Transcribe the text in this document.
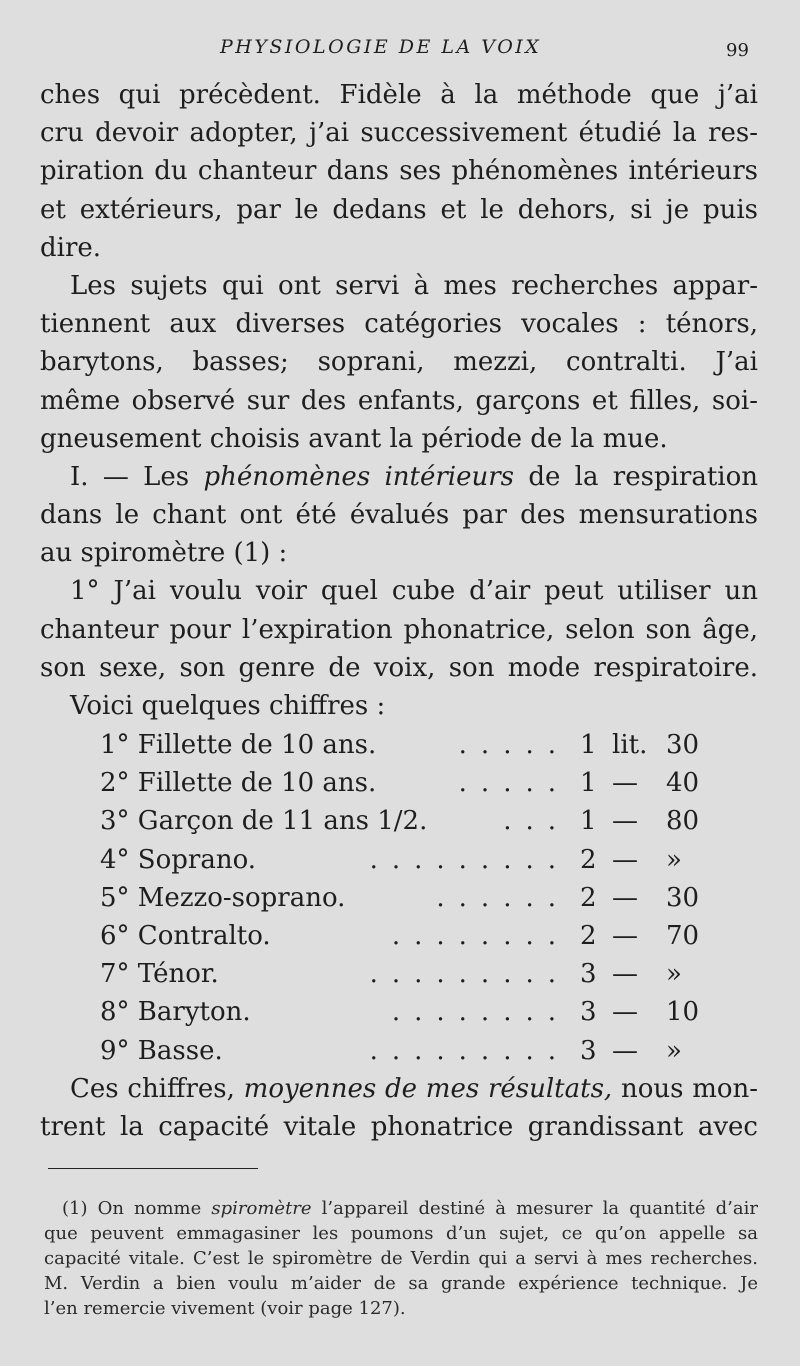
PHYSIOLOGIE DE LA VOIX	99
ches qui précèdent. Fidèle à la méthode que j’ai
cru devoir adopter, j’ai successivement étudié la res-
piration du chanteur dans ses phénomènes intérieurs
et extérieurs, par le dedans et le dehors, si je puis
dire.
Les sujets qui ont servi à mes recherches appar-
tiennent aux diverses catégories vocales : ténors,
barytons, basses; soprani, mezzi, contralti. J’ai
même observé sur des enfants, garçons et filles, soi-
gneusement choisis avant la période de la mue.
I. — Les phénomènes intérieurs de la respiration
dans le chant ont été évalués par des mensurations
au spiromètre (1) :
1° J’ai voulu voir quel cube d’air peut utiliser un
chanteur pour l’expiration phonatrice, selon son âge,
son sexe, son genre de voix, son mode respiratoire.
Voici quelques chiffres :
1° Fillette de 10 ans.	..... 1 lit. 30
2° Fillette de 10 ans.	..... 1 — 40
3° Garçon de 11 ans 1/2.	... 1 — 80
4° Soprano.	......... 2 — »
5° Mezzo-soprano.	...... 2 — 30
6° Contralto.	........ 2 — 70
7° Ténor.	......... 3 — »
8° Baryton.	........ 3 — 10
9° Basse.	......... 3 — »
Ces chiffres, moyennes de mes résultats, nous mon-
trent la capacité vitale phonatrice grandissant avec
(1) On nomme spiromètre l’appareil destiné à mesurer la quantité d’air
que peuvent emmagasiner les poumons d’un sujet, ce qu’on appelle sa
capacité vitale. C’est le spiromètre de Verdin qui a servi à mes recherches.
M. Verdin a bien voulu m’aider de sa grande expérience technique. Je
l’en remercie vivement (voir page 127).
